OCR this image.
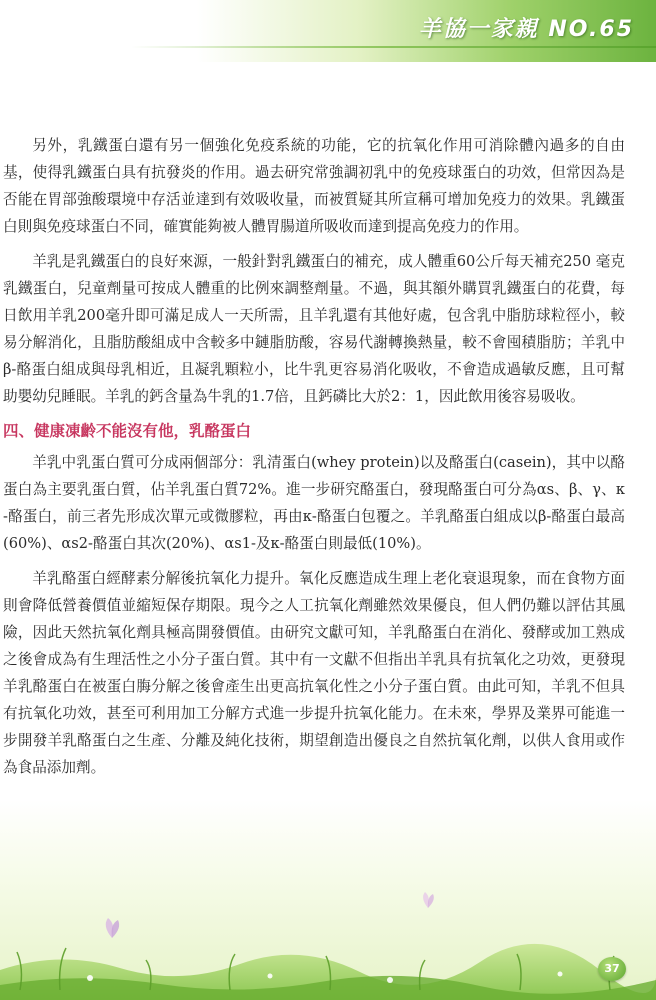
羊協一家親 NO.65

另外，乳鐵蛋白還有另一個強化免疫系統的功能，它的抗氧化作用可消除體內過多的自由基，使得乳鐵蛋白具有抗發炎的作用。過去研究常強調初乳中的免疫球蛋白的功效，但常因為是否能在胃部強酸環境中存活並達到有效吸收量，而被質疑其所宣稱可增加免疫力的效果。乳鐵蛋白則與免疫球蛋白不同，確實能夠被人體胃腸道所吸收而達到提高免疫力的作用。

羊乳是乳鐵蛋白的良好來源，一般針對乳鐵蛋白的補充，成人體重60公斤每天補充250 毫克乳鐵蛋白，兒童劑量可按成人體重的比例來調整劑量。不過，與其額外購買乳鐵蛋白的花費，每日飲用羊乳200毫升即可滿足成人一天所需，且羊乳還有其他好處，包含乳中脂肪球粒徑小，較易分解消化，且脂肪酸組成中含較多中鏈脂肪酸，容易代謝轉換熱量，較不會囤積脂肪；羊乳中β-酪蛋白組成與母乳相近，且凝乳顆粒小，比牛乳更容易消化吸收，不會造成過敏反應，且可幫助嬰幼兒睡眠。羊乳的鈣含量為牛乳的1.7倍，且鈣磷比大於2：1，因此飲用後容易吸收。

四、健康凍齡不能沒有他，乳酪蛋白

羊乳中乳蛋白質可分成兩個部分：乳清蛋白(whey protein)以及酪蛋白(casein)，其中以酪蛋白為主要乳蛋白質，佔羊乳蛋白質72%。進一步研究酪蛋白，發現酪蛋白可分為αs、β、γ、κ -酪蛋白，前三者先形成次單元或微膠粒，再由κ-酪蛋白包覆之。羊乳酪蛋白組成以β-酪蛋白最高(60%)、αs2-酪蛋白其次(20%)、αs1-及κ-酪蛋白則最低(10%)。

羊乳酪蛋白經酵素分解後抗氧化力提升。氧化反應造成生理上老化衰退現象，而在食物方面則會降低營養價值並縮短保存期限。現今之人工抗氧化劑雖然效果優良，但人們仍難以評估其風險，因此天然抗氧化劑具極高開發價值。由研究文獻可知，羊乳酪蛋白在消化、發酵或加工熟成之後會成為有生理活性之小分子蛋白質。其中有一文獻不但指出羊乳具有抗氧化之功效，更發現羊乳酪蛋白在被蛋白脢分解之後會產生出更高抗氧化性之小分子蛋白質。由此可知，羊乳不但具有抗氧化功效，甚至可利用加工分解方式進一步提升抗氧化能力。在未來，學界及業界可能進一步開發羊乳酪蛋白之生產、分離及純化技術，期望創造出優良之自然抗氧化劑，以供人食用或作為食品添加劑。

37
